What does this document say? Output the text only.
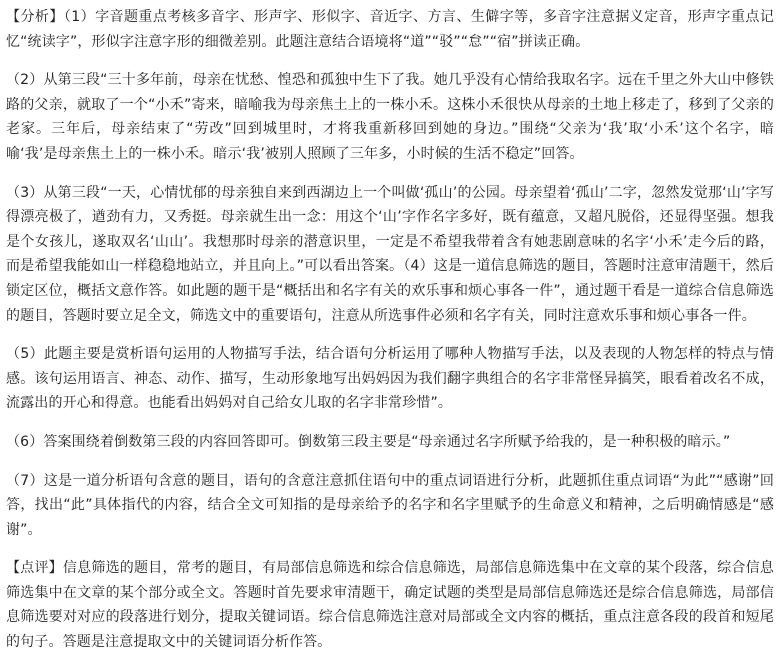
【分析】（1）字音题重点考核多音字、形声字、形似字、音近字、方言、生僻字等，多音字注意据义定音，形声字重点记忆“统读字”，形似字注意字形的细微差别。此题注意结合语境将“道”“驳”“怠”“宿”拼读正确。

（2）从第三段“三十多年前，母亲在忧愁、惶恐和孤独中生下了我。她几乎没有心情给我取名字。远在千里之外大山中修铁路的父亲，就取了一个“小禾”寄来，暗喻我为母亲焦土上的一株小禾。这株小禾很快从母亲的土地上移走了，移到了父亲的老家。三年后，母亲结束了“劳改”回到城里时，才将我重新移回到她的身边。”围绕“父亲为‘我’取‘小禾’这个名字，暗喻‘我’是母亲焦土上的一株小禾。暗示‘我’被别人照顾了三年多，小时候的生活不稳定”回答。

（3）从第三段“一天，心情忧郁的母亲独自来到西湖边上一个叫做‘孤山’的公园。母亲望着‘孤山’二字，忽然发觉那‘山’字写得漂亮极了，遒劲有力，又秀挺。母亲就生出一念：用这个‘山’字作名字多好，既有蕴意，又超凡脱俗，还显得坚强。想我是个女孩儿，遂取双名‘山山’。我想那时母亲的潜意识里，一定是不希望我带着含有她悲剧意味的名字‘小禾’走今后的路，而是希望我能如山一样稳稳地站立，并且向上。”可以看出答案。（4）这是一道信息筛选的题目，答题时注意审清题干，然后锁定区位，概括文意作答。如此题的题干是“概括出和名字有关的欢乐事和烦心事各一件”，通过题干看是一道综合信息筛选的题目，答题时要立足全文，筛选文中的重要语句，注意从所选事件必须和名字有关，同时注意欢乐事和烦心事各一件。

（5）此题主要是赏析语句运用的人物描写手法，结合语句分析运用了哪种人物描写手法，以及表现的人物怎样的特点与情感。该句运用语言、神态、动作、描写，生动形象地写出妈妈因为我们翻字典组合的名字非常怪异搞笑，眼看着改名不成，流露出的开心和得意。也能看出妈妈对自己给女儿取的名字非常珍惜”。

（6）答案围绕着倒数第三段的内容回答即可。倒数第三段主要是“母亲通过名字所赋予给我的，是一种积极的暗示。”

（7）这是一道分析语句含意的题目，语句的含意注意抓住语句中的重点词语进行分析，此题抓住重点词语“为此”“感谢”回答，找出“此”具体指代的内容，结合全文可知指的是母亲给予的名字和名字里赋予的生命意义和精神，之后明确情感是“感谢”。

【点评】信息筛选的题目，常考的题目，有局部信息筛选和综合信息筛选，局部信息筛选集中在文章的某个段落，综合信息筛选集中在文章的某个部分或全文。答题时首先要求审清题干，确定试题的类型是局部信息筛选还是综合信息筛选，局部信息筛选要对对应的段落进行划分，提取关键词语。综合信息筛选注意对局部或全文内容的概括，重点注意各段的段首和短尾的句子。答题是注意提取文中的关键词语分析作答。
